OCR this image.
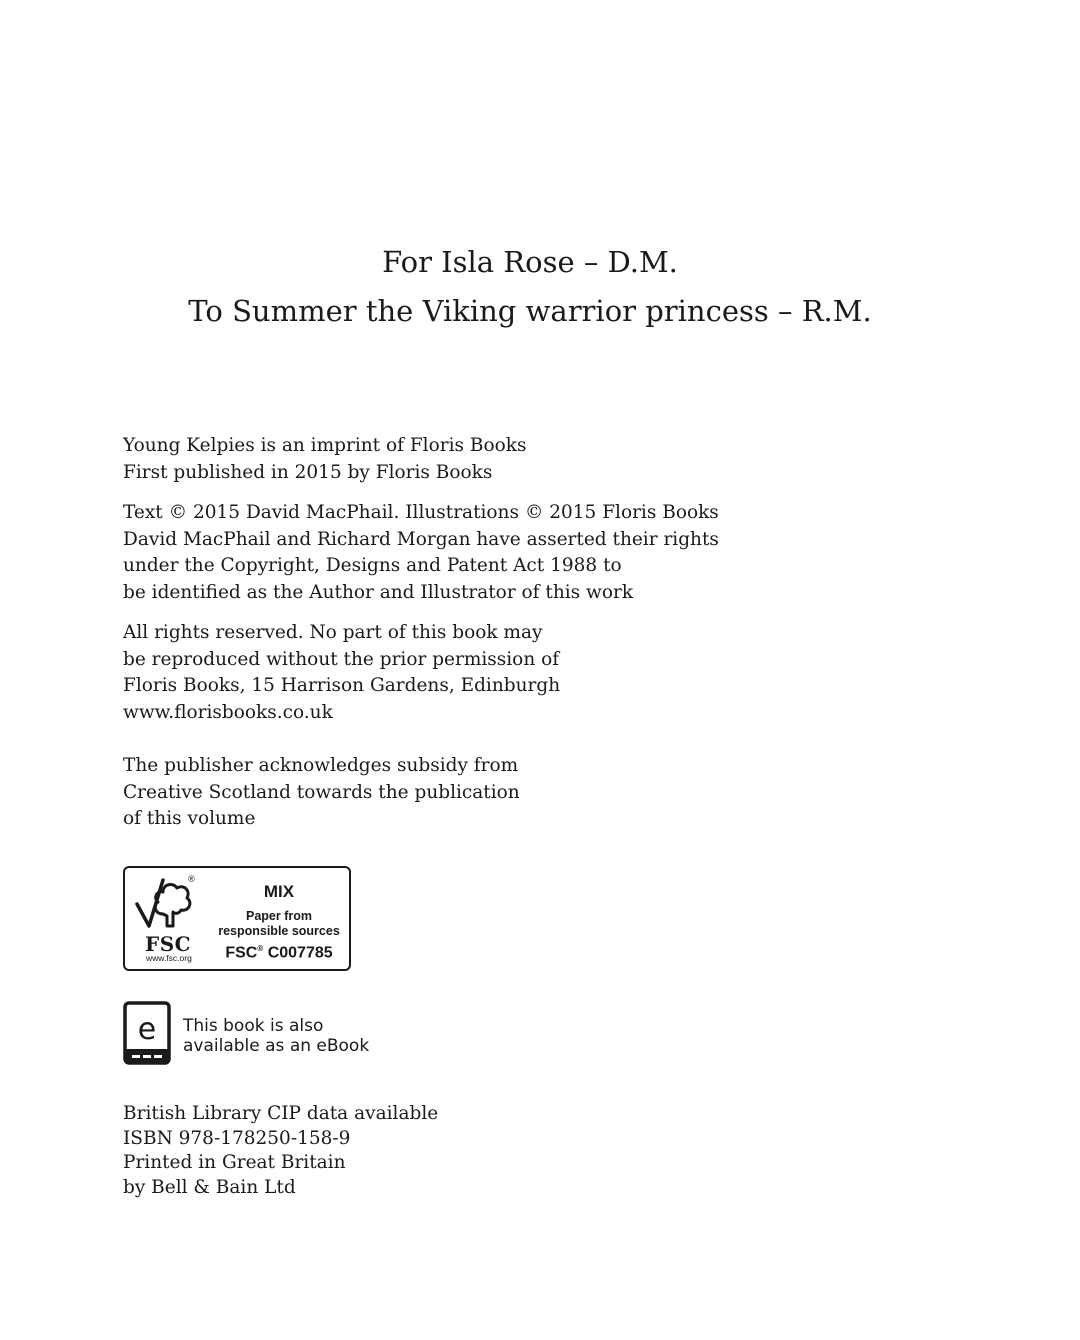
For Isla Rose – D.M.
To Summer the Viking warrior princess – R.M.
Young Kelpies is an imprint of Floris Books
First published in 2015 by Floris Books
Text © 2015 David MacPhail. Illustrations © 2015 Floris Books
David MacPhail and Richard Morgan have asserted their rights
under the Copyright, Designs and Patent Act 1988 to
be identified as the Author and Illustrator of this work
All rights reserved. No part of this book may
be reproduced without the prior permission of
Floris Books, 15 Harrison Gardens, Edinburgh
www.florisbooks.co.uk
The publisher acknowledges subsidy from
Creative Scotland towards the publication
of this volume
®
FSC
www.fsc.org
MIX
Paper from
responsible sources
FSC® C007785
e This book is also
available as an eBook
British Library CIP data available
ISBN 978-178250-158-9
Printed in Great Britain
by Bell & Bain Ltd
